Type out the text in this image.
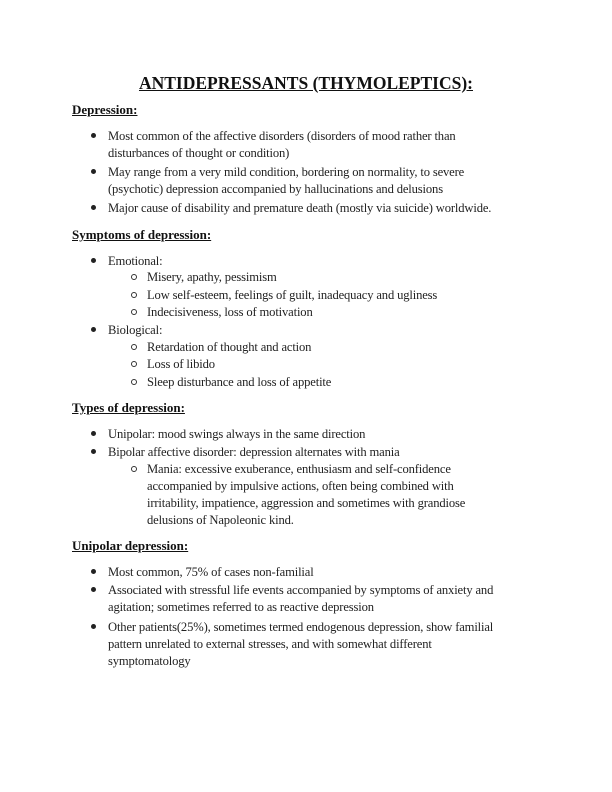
ANTIDEPRESSANTS (THYMOLEPTICS):
Depression:
Most common of the affective disorders (disorders of mood rather than
disturbances of thought or condition)
May range from a very mild condition, bordering on normality, to severe
(psychotic) depression accompanied by hallucinations and delusions
Major cause of disability and premature death (mostly via suicide) worldwide.
Symptoms of depression:
Emotional:
Misery, apathy, pessimism
Low self-esteem, feelings of guilt, inadequacy and ugliness
Indecisiveness, loss of motivation
Biological:
Retardation of thought and action
Loss of libido
Sleep disturbance and loss of appetite
Types of depression:
Unipolar: mood swings always in the same direction
Bipolar affective disorder: depression alternates with mania
Mania: excessive exuberance, enthusiasm and self-confidence
accompanied by impulsive actions, often being combined with
irritability, impatience, aggression and sometimes with grandiose
delusions of Napoleonic kind.
Unipolar depression:
Most common, 75% of cases non-familial
Associated with stressful life events accompanied by symptoms of anxiety and
agitation; sometimes referred to as reactive depression
Other patients(25%), sometimes termed endogenous depression, show familial
pattern unrelated to external stresses, and with somewhat different
symptomatology
